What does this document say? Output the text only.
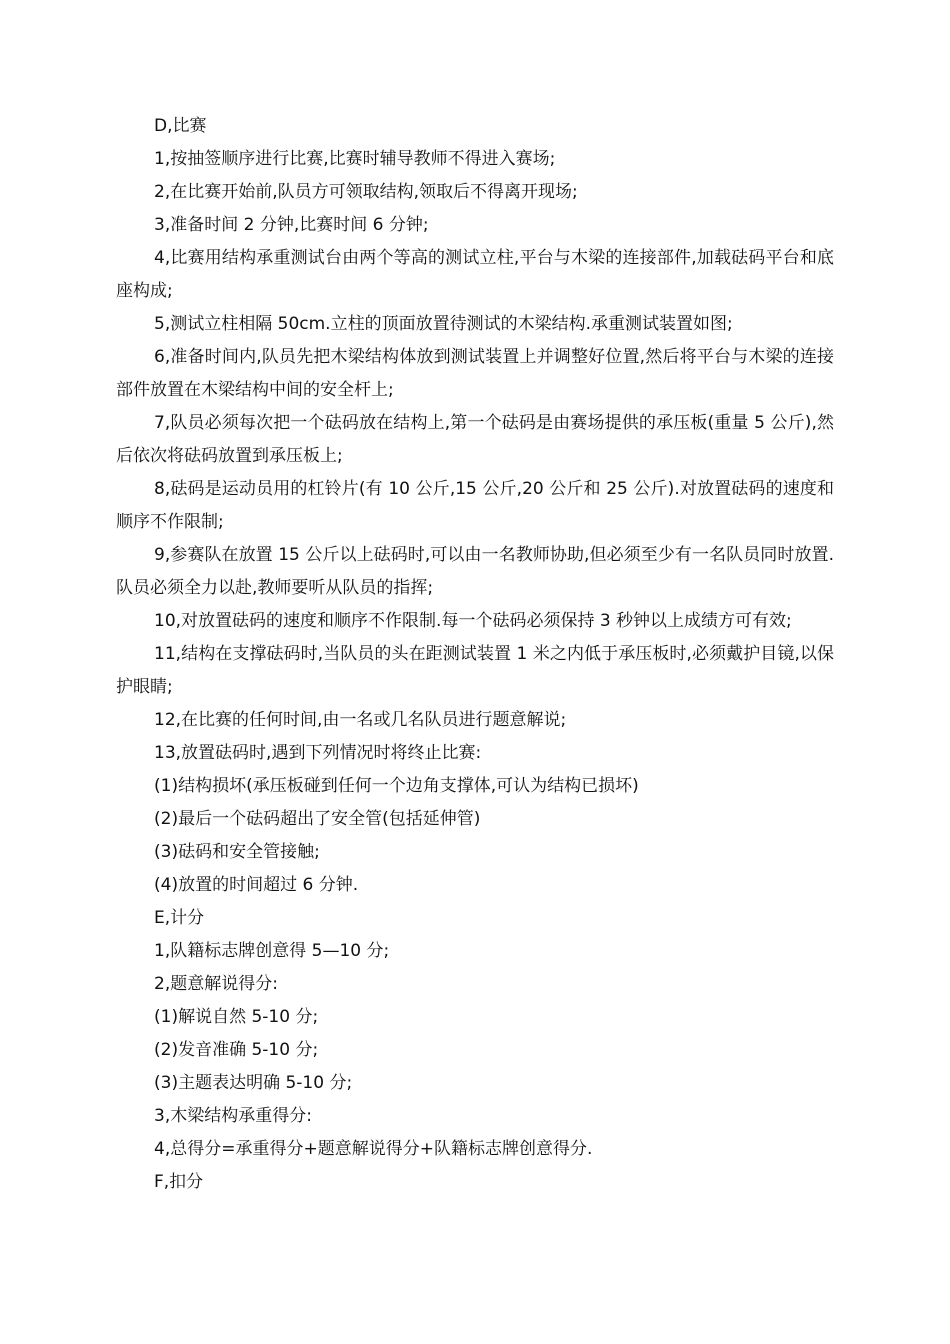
D,比赛

1,按抽签顺序进行比赛,比赛时辅导教师不得进入赛场;

2,在比赛开始前,队员方可领取结构,领取后不得离开现场;

3,准备时间 2 分钟,比赛时间 6 分钟;

4,比赛用结构承重测试台由两个等高的测试立柱,平台与木梁的连接部件,加载砝码平台和底座构成;

5,测试立柱相隔 50cm.立柱的顶面放置待测试的木梁结构.承重测试装置如图;

6,准备时间内,队员先把木梁结构体放到测试装置上并调整好位置,然后将平台与木梁的连接部件放置在木梁结构中间的安全杆上;

7,队员必须每次把一个砝码放在结构上,第一个砝码是由赛场提供的承压板(重量 5 公斤),然后依次将砝码放置到承压板上;

8,砝码是运动员用的杠铃片(有 10 公斤,15 公斤,20 公斤和 25 公斤).对放置砝码的速度和顺序不作限制;

9,参赛队在放置 15 公斤以上砝码时,可以由一名教师协助,但必须至少有一名队员同时放置.队员必须全力以赴,教师要听从队员的指挥;

10,对放置砝码的速度和顺序不作限制.每一个砝码必须保持 3 秒钟以上成绩方可有效;

11,结构在支撑砝码时,当队员的头在距测试装置 1 米之内低于承压板时,必须戴护目镜,以保护眼睛;

12,在比赛的任何时间,由一名或几名队员进行题意解说;

13,放置砝码时,遇到下列情况时将终止比赛:

(1)结构损坏(承压板碰到任何一个边角支撑体,可认为结构已损坏)

(2)最后一个砝码超出了安全管(包括延伸管)

(3)砝码和安全管接触;

(4)放置的时间超过 6 分钟.

E,计分

1,队籍标志牌创意得 5—10 分;

2,题意解说得分:

(1)解说自然 5-10 分;

(2)发音准确 5-10 分;

(3)主题表达明确 5-10 分;

3,木梁结构承重得分:

4,总得分=承重得分+题意解说得分+队籍标志牌创意得分.

F,扣分
